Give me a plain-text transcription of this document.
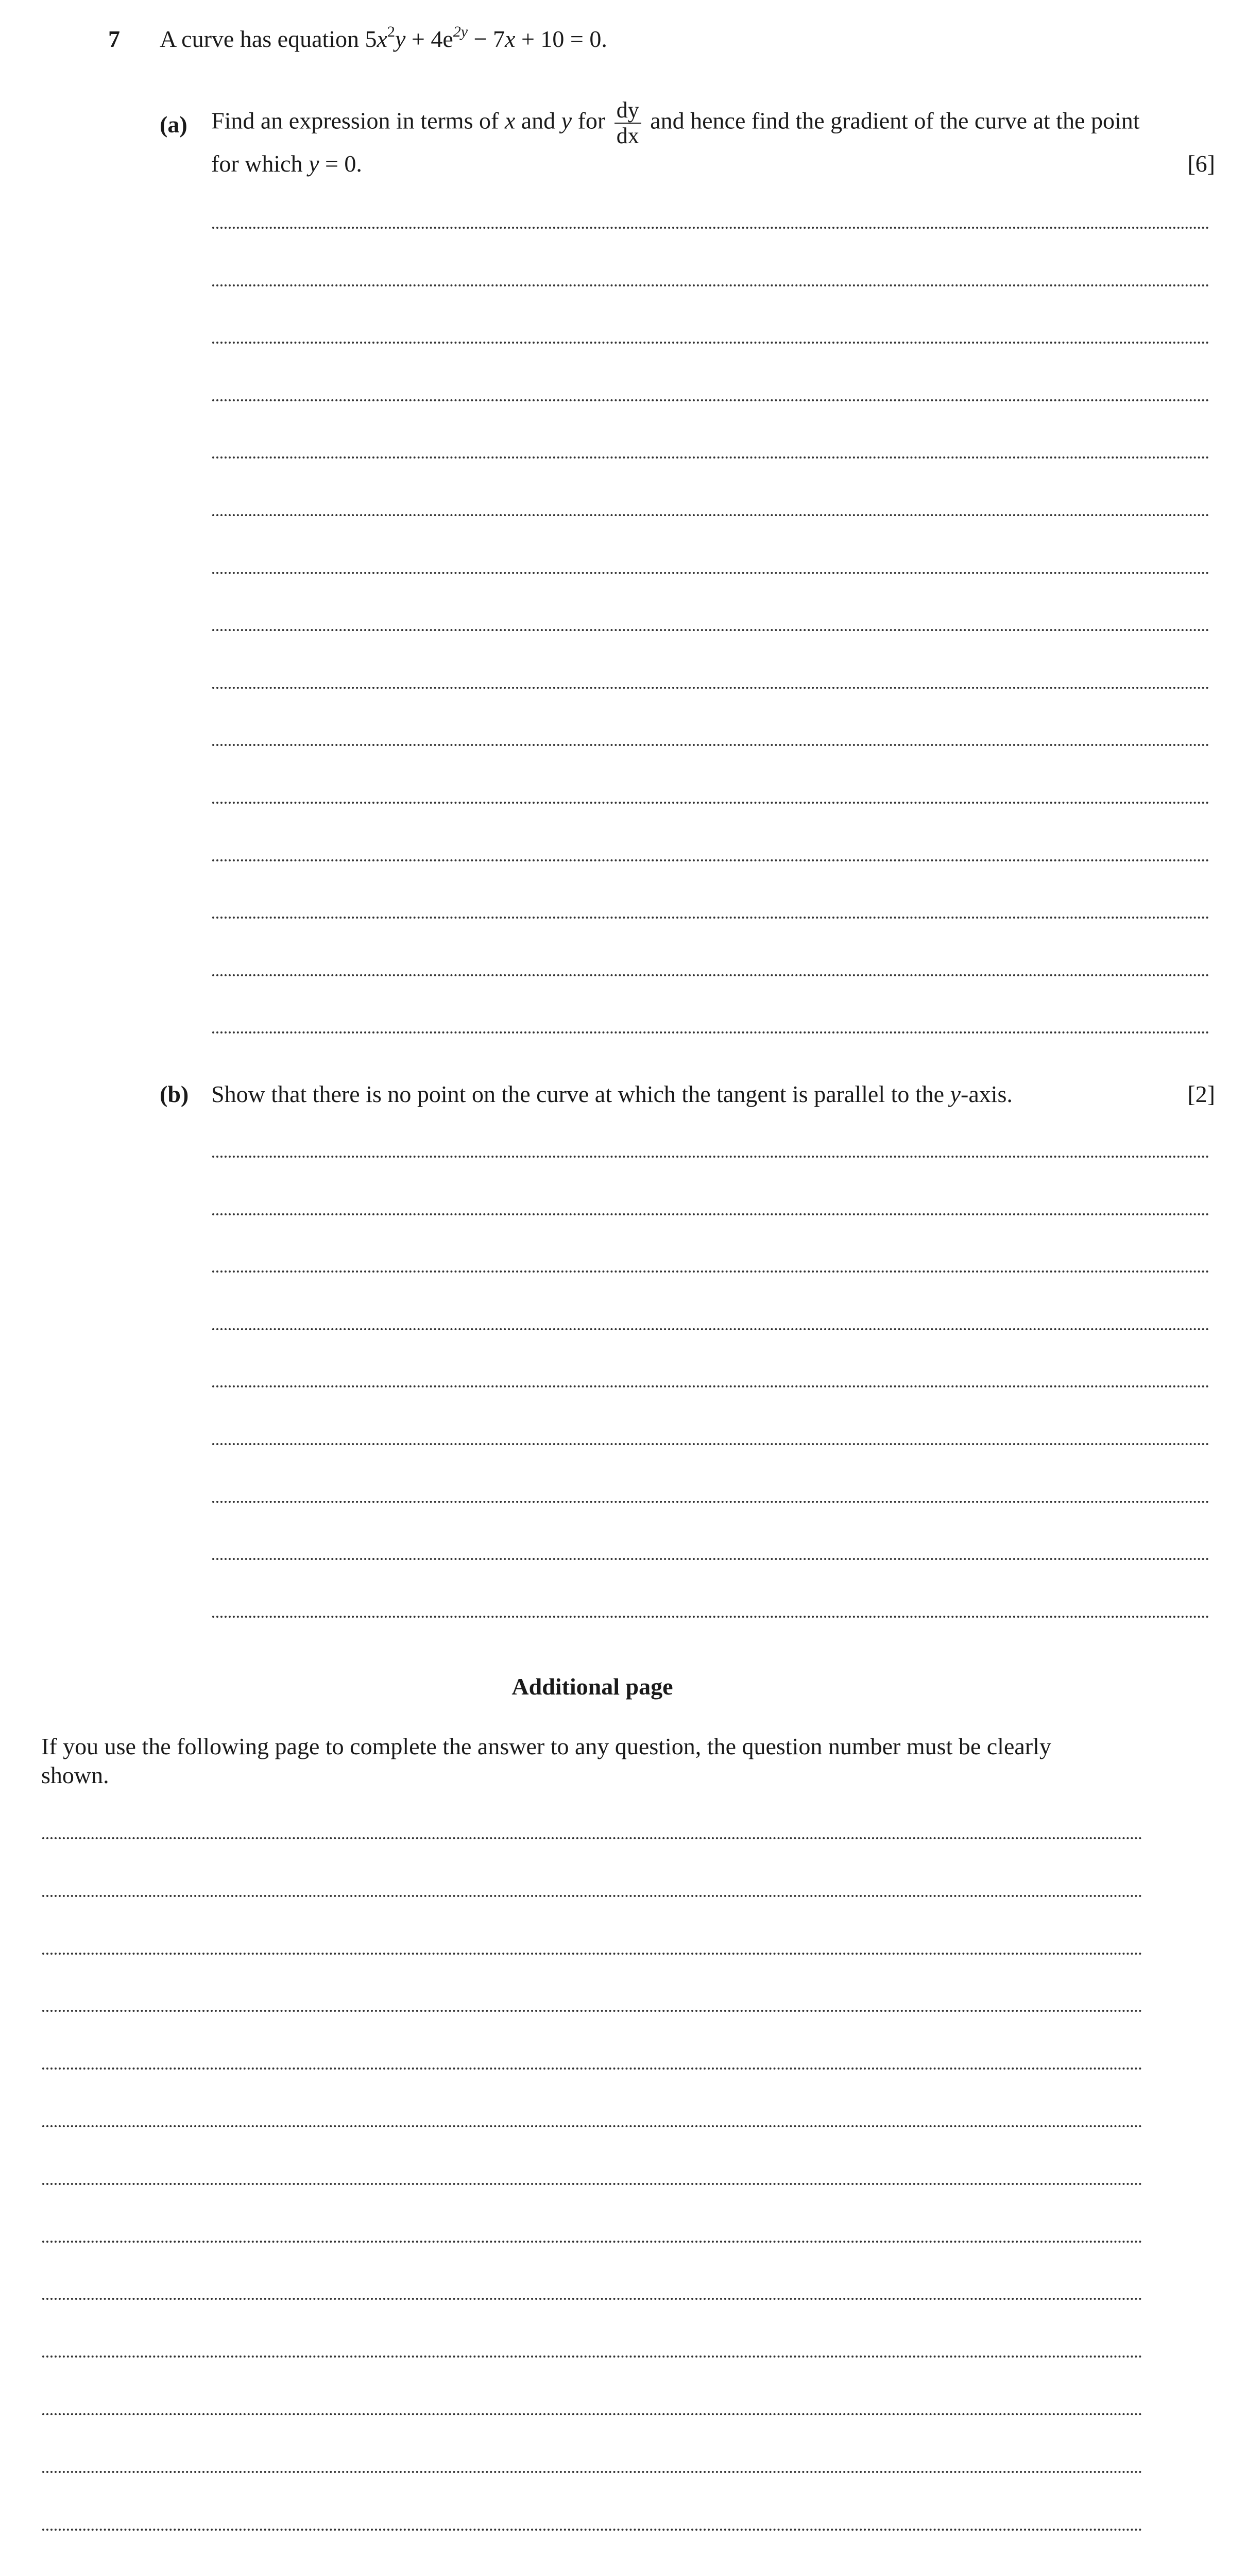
7 A curve has equation $5x^2y + 4e^{2y} - 7x + 10 = 0$.
(a) Find an expression in terms of x and y for $\frac{dy}{dx}$ and hence find the gradient of the curve at the point
for which y = 0.	[6]
(b) Show that there is no point on the curve at which the tangent is parallel to the y-axis.	[2]
Additional page
If you use the following page to complete the answer to any question, the question number must be clearly
shown.
